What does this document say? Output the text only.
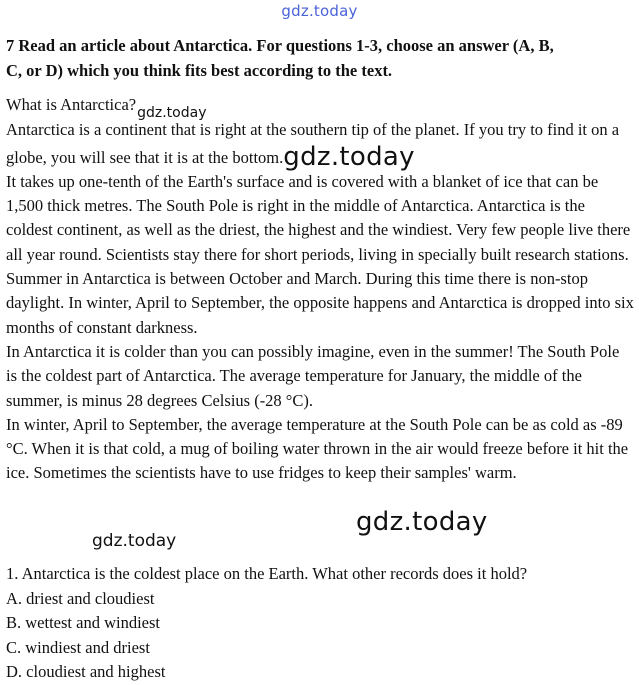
gdz.today
7 Read an article about Antarctica. For questions 1-3, choose an answer (A, B,
C, or D) which you think fits best according to the text.

What is $Antarctica?_{gdz.today}$

Antarctica is a continent that is right at the southern tip of the planet. If you try to find it on a globe, you will see that it is at the bottom.gdz.today

It takes up one-tenth of the Earth's surface and is covered with a blanket of ice that can be 1,500 thick metres. The South Pole is right in the middle of Antarctica. Antarctica is the coldest continent, as well as the driest, the highest and the windiest. Very few people live there all year round. Scientists stay there for short periods, living in specially built research stations.

Summer in Antarctica is between October and March. During this time there is non-stop daylight. In winter, April to September, the opposite happens and Antarctica is dropped into six months of constant darkness.

In Antarctica it is colder than you can possibly imagine, even in the summer! The South Pole is the coldest part of Antarctica. The average temperature for January, the middle of the summer, is minus 28 degrees Celsius (-28 °C).

In winter, April to September, the average temperature at the South Pole can be as cold as -89 °C. When it is that cold, a mug of boiling water thrown in the air would freeze before it hit the ice. Sometimes the scientists have to use fridges to keep their samples' warm.

gdz.today
gdz.today

1. Antarctica is the coldest place on the Earth. What other records does it hold?

A. driest and cloudiest

B. wettest and windiest

C. windiest and driest

D. cloudiest and highest
